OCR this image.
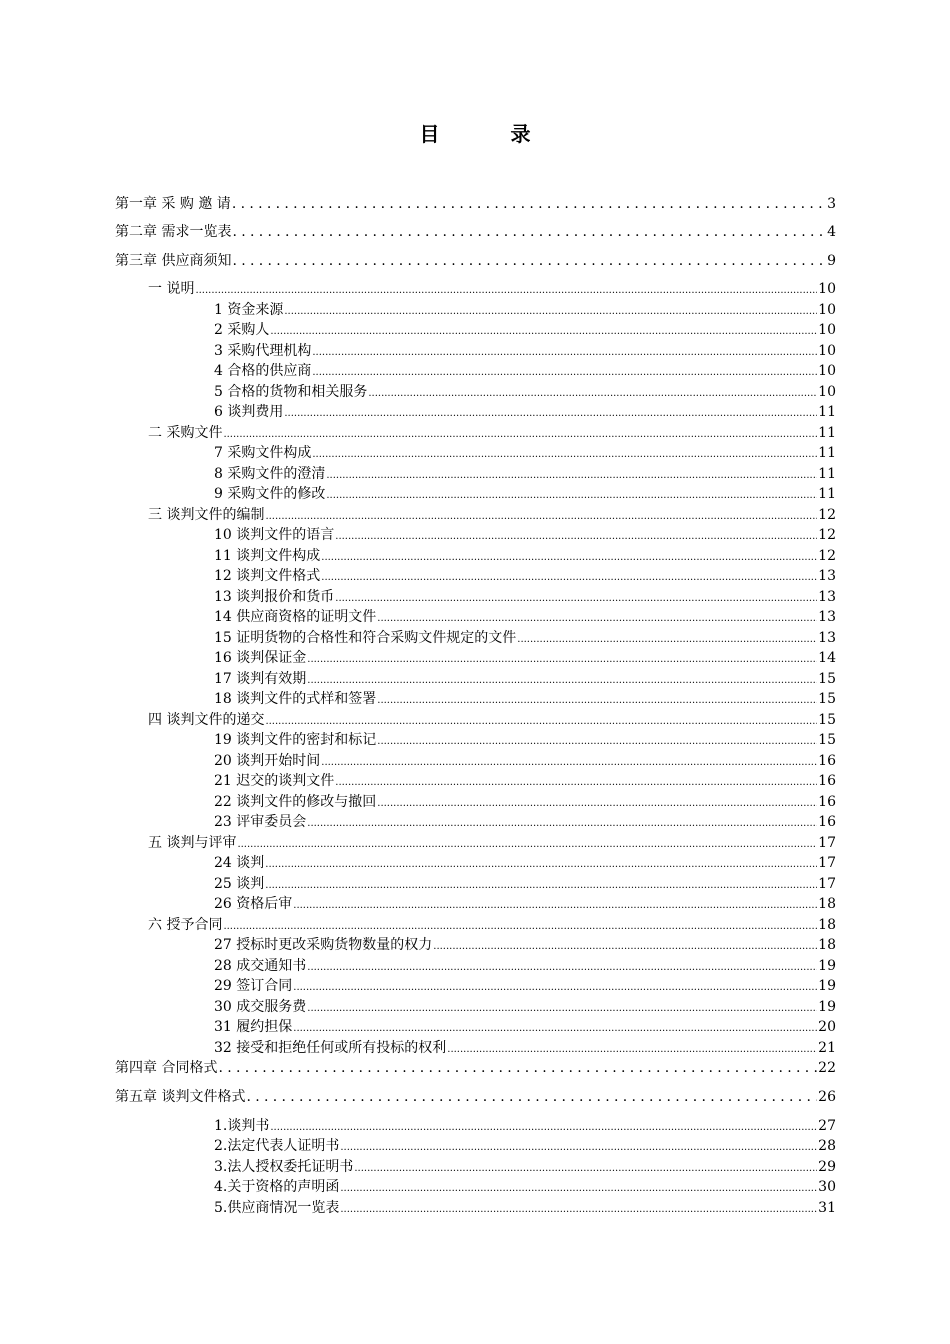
目 录
第一章 采 购 邀 请 .....	3
第二章 需求一览表 .....	4
第三章 供应商须知 .....	9
一 说明 .....	10
1 资金来源 .....	10
2 采购人 .....	10
3 采购代理机构 .....	10
4 合格的供应商 .....	10
5 合格的货物和相关服务 .....	10
6 谈判费用 .....	11
二 采购文件 .....	11
7 采购文件构成 .....	11
8 采购文件的澄清 .....	11
9 采购文件的修改 .....	11
三 谈判文件的编制 .....	12
10 谈判文件的语言 .....	12
11 谈判文件构成 .....	12
12 谈判文件格式 .....	13
13 谈判报价和货币 .....	13
14 供应商资格的证明文件 .....	13
15 证明货物的合格性和符合采购文件规定的文件 .....	13
16 谈判保证金 .....	14
17 谈判有效期 .....	15
18 谈判文件的式样和签署 .....	15
四 谈判文件的递交 .....	15
19 谈判文件的密封和标记 .....	15
20 谈判开始时间 .....	16
21 迟交的谈判文件 .....	16
22 谈判文件的修改与撤回 .....	16
23 评审委员会 .....	16
五 谈判与评审 .....	17
24 谈判 .....	17
25 谈判 .....	17
26 资格后审 .....	18
六 授予合同 .....	18
27 授标时更改采购货物数量的权力 .....	18
28 成交通知书 .....	19
29 签订合同 .....	19
30 成交服务费 .....	19
31 履约担保 .....	20
32 接受和拒绝任何或所有投标的权利 .....	21
第四章 合同格式 .....	22
第五章 谈判文件格式 .....	26
1.谈判书 .....	27
2.法定代表人证明书 .....	28
3.法人授权委托证明书 .....	29
4.关于资格的声明函 .....	30
5.供应商情况一览表 .....	31
